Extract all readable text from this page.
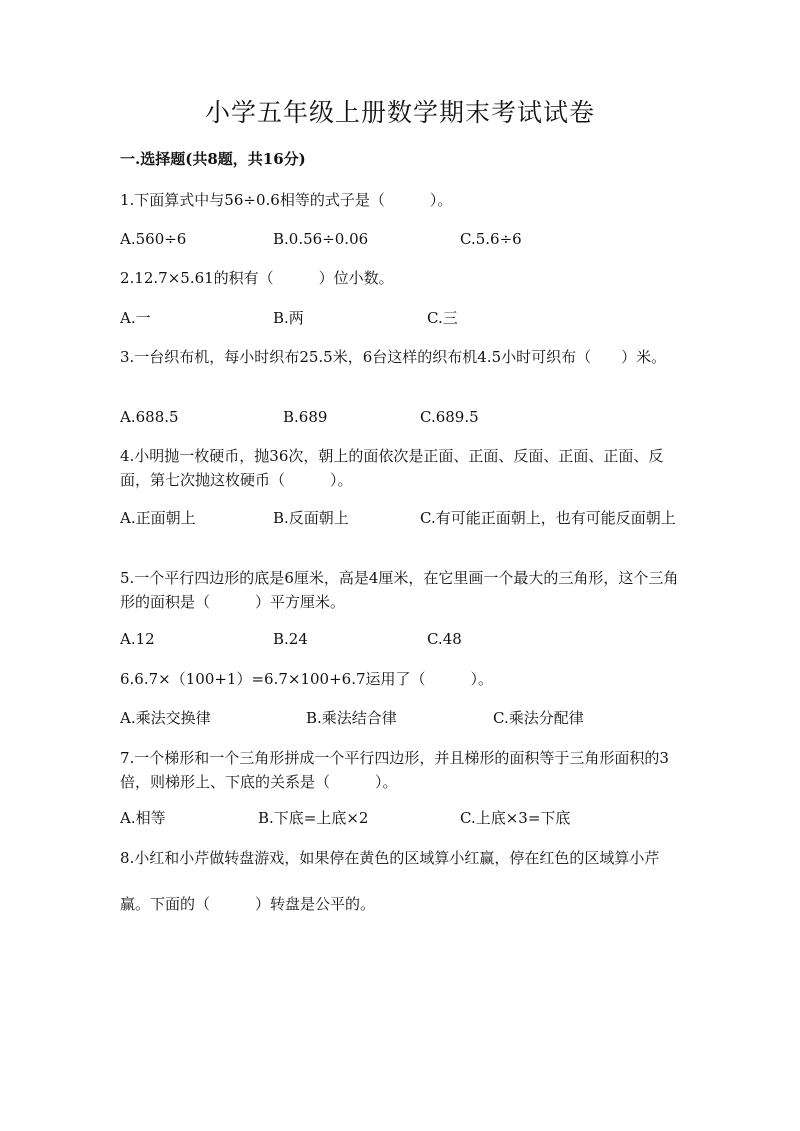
小学五年级上册数学期末考试试卷
一.选择题(共8题，共16分)

1.下面算式中与56÷0.6相等的式子是（　　　）。

A.560÷6	B.0.56÷0.06	C.5.6÷6

2.12.7×5.61的积有（　　　）位小数。

A.一	B.两	C.三

3.一台织布机，每小时织布25.5米，6台这样的织布机4.5小时可织布（　　）米。

A.688.5	B.689	C.689.5

4.小明抛一枚硬币，抛36次，朝上的面依次是正面、正面、反面、正面、正面、反面，第七次抛这枚硬币（　　　）。

A.正面朝上	B.反面朝上	C.有可能正面朝上，也有可能反面朝上

5.一个平行四边形的底是6厘米，高是4厘米，在它里画一个最大的三角形，这个三角形的面积是（　　　）平方厘米。

A.12	B.24	C.48

6.6.7×（100+1）=6.7×100+6.7运用了（　　　）。

A.乘法交换律	B.乘法结合律	C.乘法分配律

7.一个梯形和一个三角形拼成一个平行四边形，并且梯形的面积等于三角形面积的3倍，则梯形上、下底的关系是（　　　）。

A.相等	B.下底=上底×2	C.上底×3=下底

8.小红和小芹做转盘游戏，如果停在黄色的区域算小红赢，停在红色的区域算小芹赢。下面的（　　　）转盘是公平的。
